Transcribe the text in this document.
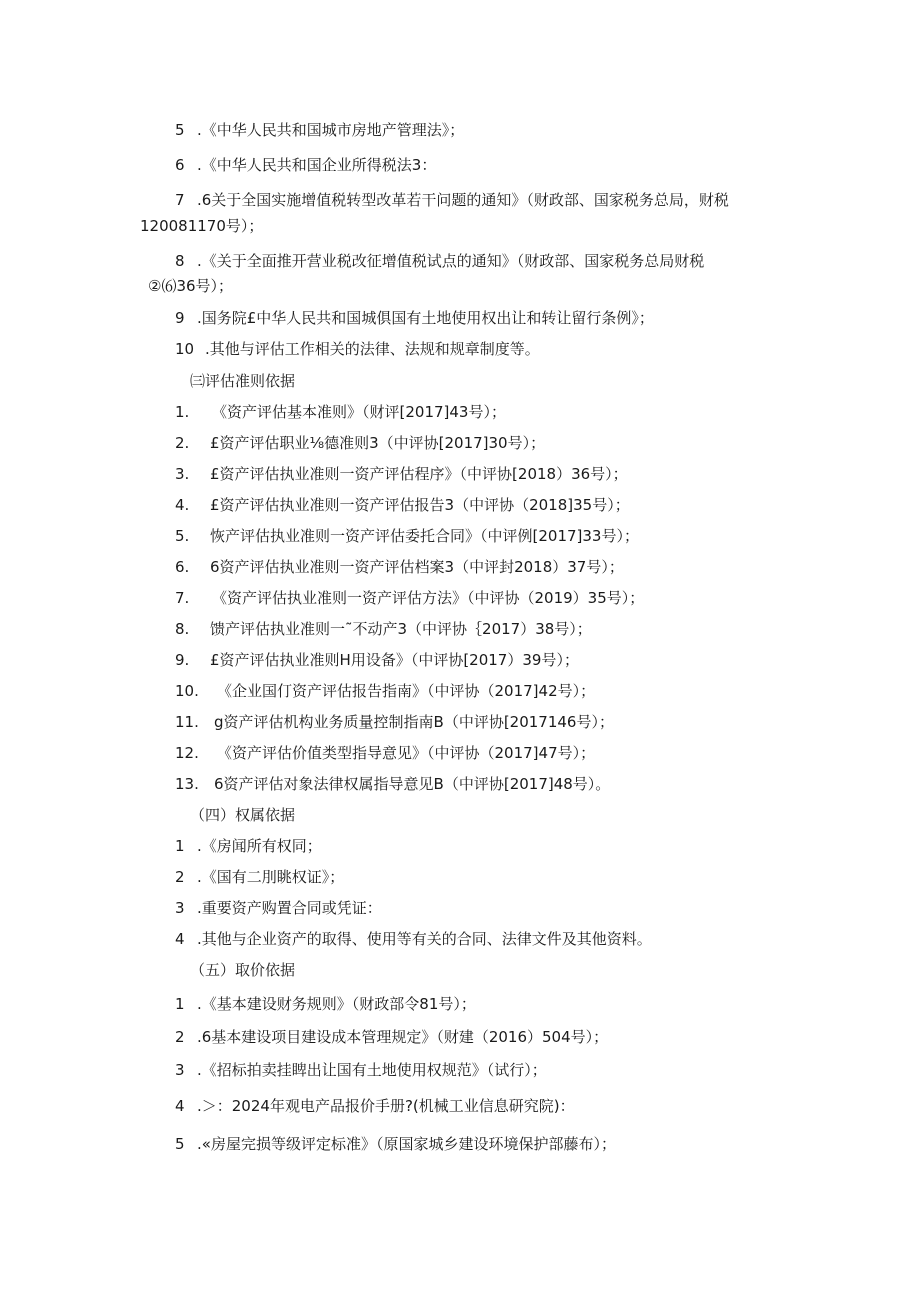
5 .《中华人民共和国城市房地产管理法》；
6 .《中华人民共和国企业所得税法3：
7 .6关于全国实施增值税转型改革若干问题的通知》（财政部、国家税务总局，财税
120081170号）；
8 .《关于全面推开营业税改征增值税试点的通知》（财政部、国家税务总局财税
②⑹36号）；
9 .国务院£中华人民共和国城俱国有土地使用权出让和转让留行条例》；
10 .其他与评估工作相关的法律、法规和规章制度等。
㈢评估准则依据
1. 《资产评估基本准则》（财评[2017]43号）；
2. £资产评估职业⅛德准则3（中评协[2017]30号）；
3. £资产评估执业准则一资产评估程序》（中评协[2018）36号）；
4. £资产评估执业准则一资产评估报告3（中评协（2018]35号）；
5. 恢产评估执业准则一资产评估委托合同》（中评例[2017]33号）；
6. 6资产评估执业准则一资产评估档案3（中评封2018）37号）；
7. 《资产评估执业准则一资产评估方法》（中评协（2019）35号）；
8. 馈产评估执业准则一˜不动产3（中评协｛2017）38号）；
9. £资产评估执业准则H用设备》（中评协[2017）39号）；
10. 《企业国仃资产评估报告指南》（中评协（2017]42号）；
11. g资产评估机构业务质量控制指南B（中评协[2017146号）；
12. 《资产评估价值类型指导意见》（中评协（2017]47号）；
13. 6资产评估对象法律权属指导意见B（中评协[2017]48号）。
（四）权属依据
1 .《房闻所有权同；
2 .《国有二刖眺权证》；
3 .重要资产购置合同或凭证：
4 .其他与企业资产的取得、使用等有关的合同、法律文件及其他资料。
（五）取价依据
1 .《基本建设财务规则》（财政部令81号）；
2 .6基本建设项目建设成本管理规定》（财建（2016）504号）；
3 .《招标拍卖挂睥出让国有土地使用权规范》（试行）；
4 .＞：2024年观电产品报价手册?(机械工业信息研究院)：
5 .«房屋完损等级评定标准》（原国家城乡建设环境保护部藤布）；
